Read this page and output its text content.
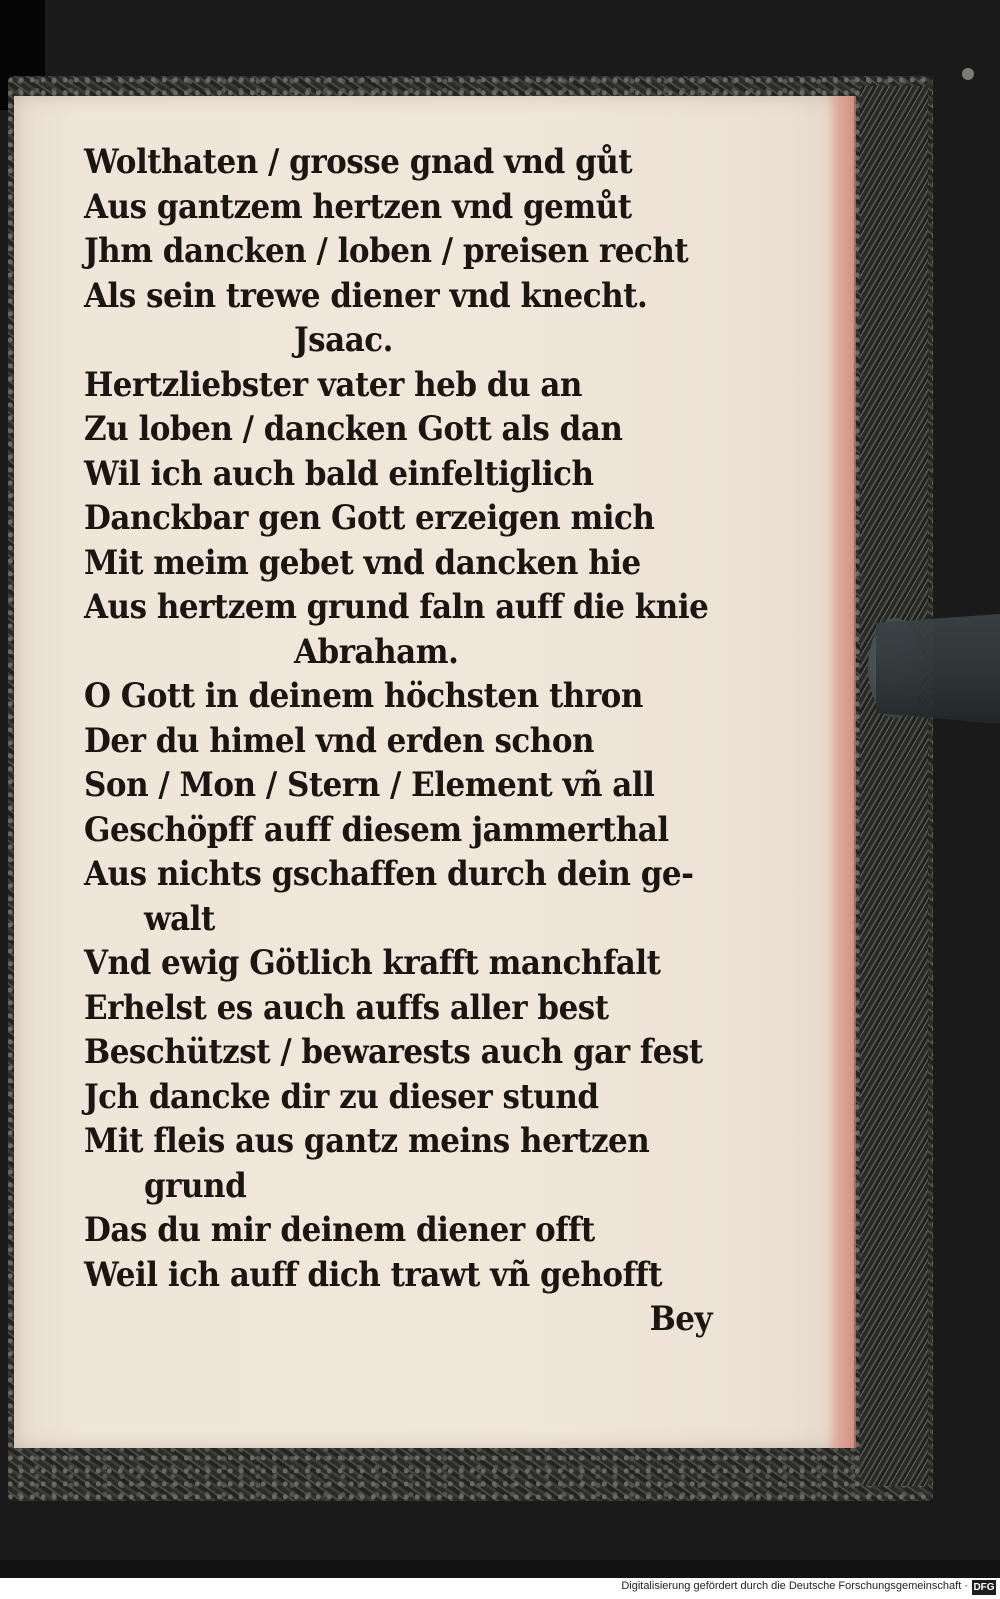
Wolthaten / grosse gnad vnd gůt
Aus gantzem hertzen vnd gemůt
Jhm dancken / loben / preisen recht
Als sein trewe diener vnd knecht.
Jsaac.
Hertzliebster vater heb du an
Zu loben / dancken Gott als dan
Wil ich auch bald einfeltiglich
Danckbar gen Gott erzeigen mich
Mit meim gebet vnd dancken hie
Aus hertzem grund faln auff die knie
Abraham.
O Gott in deinem höchsten thron
Der du himel vnd erden schon
Son / Mon / Stern / Element vñ all
Geschöpff auff diesem jammerthal
Aus nichts gschaffen durch dein ge-
walt
Vnd ewig Götlich krafft manchfalt
Erhelst es auch auffs aller best
Beschützst / bewarests auch gar fest
Jch dancke dir zu dieser stund
Mit fleis aus gantz meins hertzen
grund
Das du mir deinem diener offt
Weil ich auff dich trawt vñ gehofft
Bey
Digitalisierung gefördert durch die Deutsche Forschungsgemeinschaft · DFG
